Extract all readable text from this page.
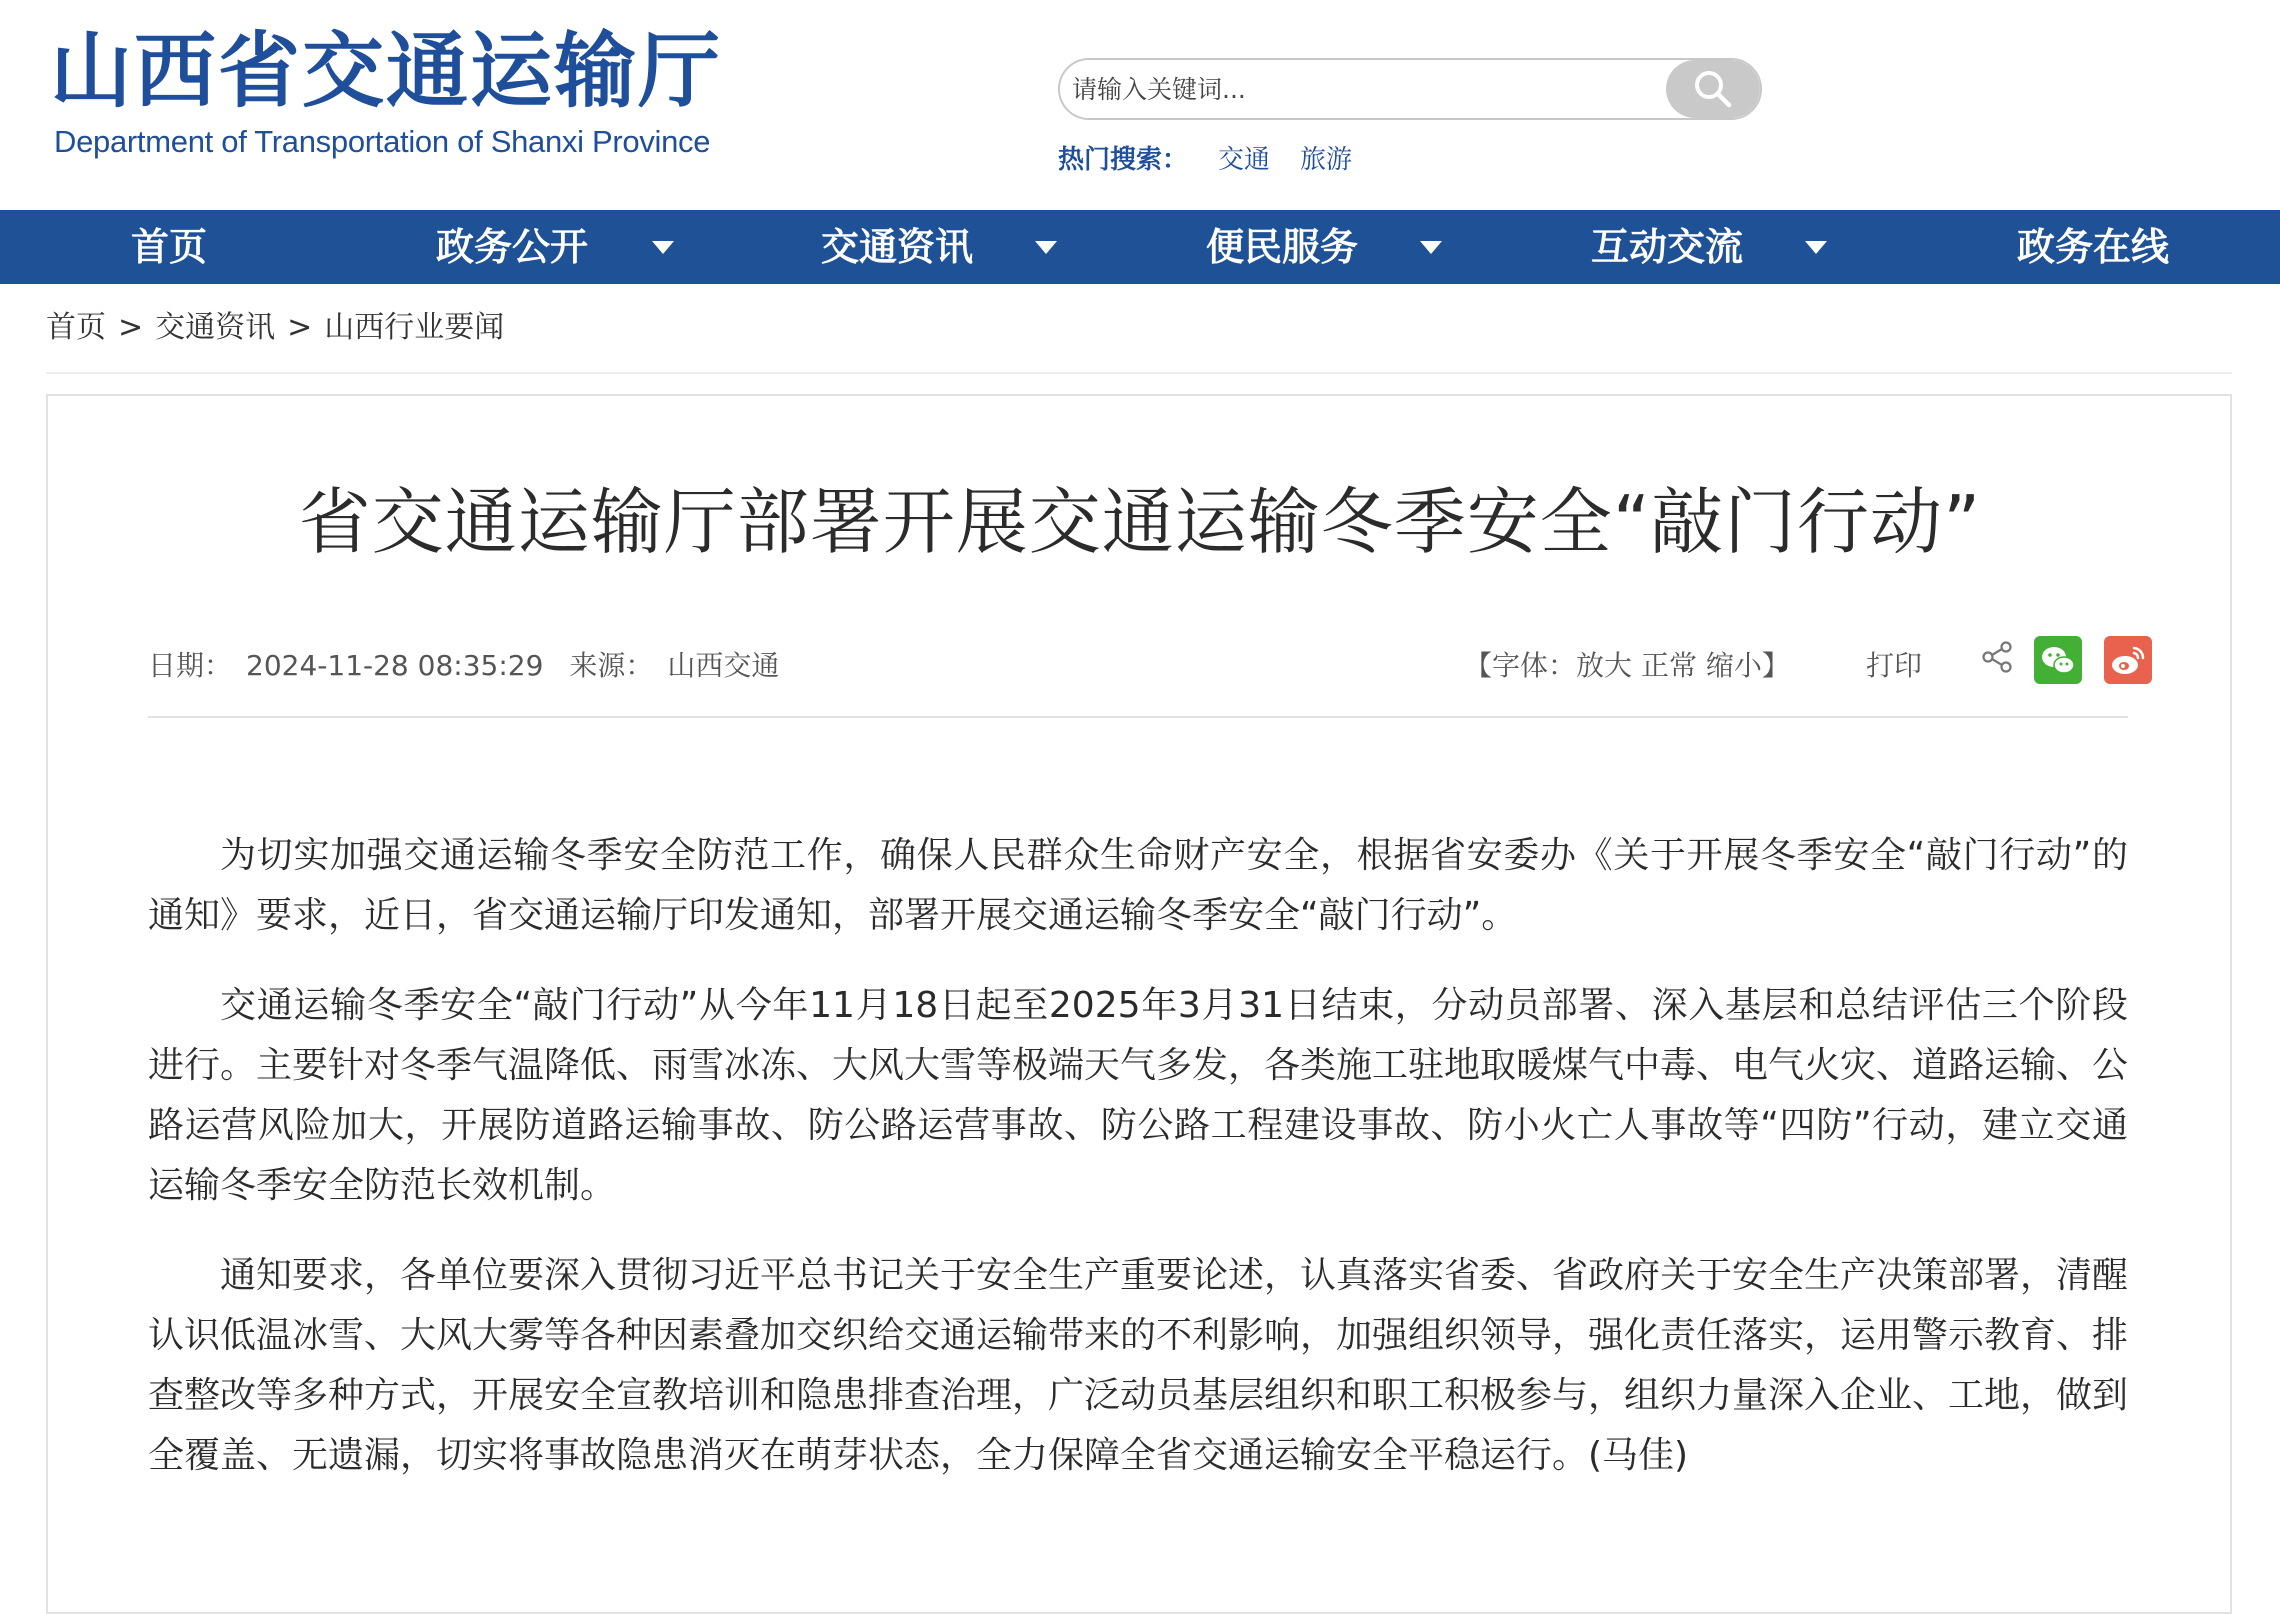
山西省交通运输厅
Department of Transportation of Shanxi Province
请输入关键词...
热门搜索： 交通 旅游
首页	政务公开	交通资讯	便民服务	互动交流	政务在线
首页 > 交通资讯 > 山西行业要闻
省交通运输厅部署开展交通运输冬季安全“敲门行动”
日期： 2024-11-28 08:35:29 来源： 山西交通	【字体：放大 正常 缩小】	打印

为切实加强交通运输冬季安全防范工作，确保人民群众生命财产安全，根据省安委办《关于开展冬季安全“敲门行动”的通知》要求，近日，省交通运输厅印发通知，部署开展交通运输冬季安全“敲门行动”。

交通运输冬季安全“敲门行动”从今年11月18日起至2025年3月31日结束，分动员部署、深入基层和总结评估三个阶段进行。主要针对冬季气温降低、雨雪冰冻、大风大雪等极端天气多发，各类施工驻地取暖煤气中毒、电气火灾、道路运输、公路运营风险加大，开展防道路运输事故、防公路运营事故、防公路工程建设事故、防小火亡人事故等“四防”行动，建立交通运输冬季安全防范长效机制。

通知要求，各单位要深入贯彻习近平总书记关于安全生产重要论述，认真落实省委、省政府关于安全生产决策部署，清醒认识低温冰雪、大风大雾等各种因素叠加交织给交通运输带来的不利影响，加强组织领导，强化责任落实，运用警示教育、排查整改等多种方式，开展安全宣教培训和隐患排查治理，广泛动员基层组织和职工积极参与，组织力量深入企业、工地，做到全覆盖、无遗漏，切实将事故隐患消灭在萌芽状态，全力保障全省交通运输安全平稳运行。(马佳)
